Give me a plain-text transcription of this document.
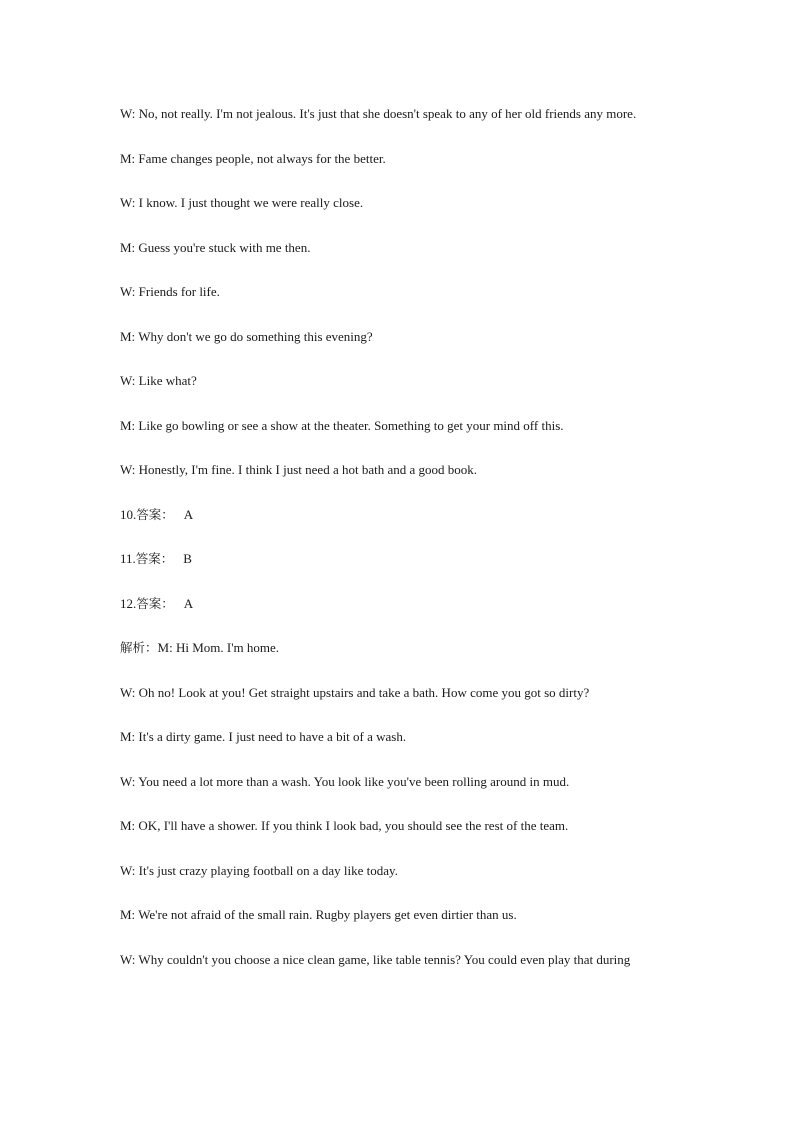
W: No, not really. I'm not jealous. It's just that she doesn't speak to any of her old friends any more.

M: Fame changes people, not always for the better.

W: I know. I just thought we were really close.

M: Guess you're stuck with me then.

W: Friends for life.

M: Why don't we go do something this evening?

W: Like what?

M: Like go bowling or see a show at the theater. Something to get your mind off this.

W: Honestly, I'm fine. I think I just need a hot bath and a good book.

10.答案： A

11.答案： B

12.答案： A

解析：M: Hi Mom. I'm home.

W: Oh no! Look at you! Get straight upstairs and take a bath. How come you got so dirty?

M: It's a dirty game. I just need to have a bit of a wash.

W: You need a lot more than a wash. You look like you've been rolling around in mud.

M: OK, I'll have a shower. If you think I look bad, you should see the rest of the team.

W: It's just crazy playing football on a day like today.

M: We're not afraid of the small rain. Rugby players get even dirtier than us.

W: Why couldn't you choose a nice clean game, like table tennis? You could even play that during
